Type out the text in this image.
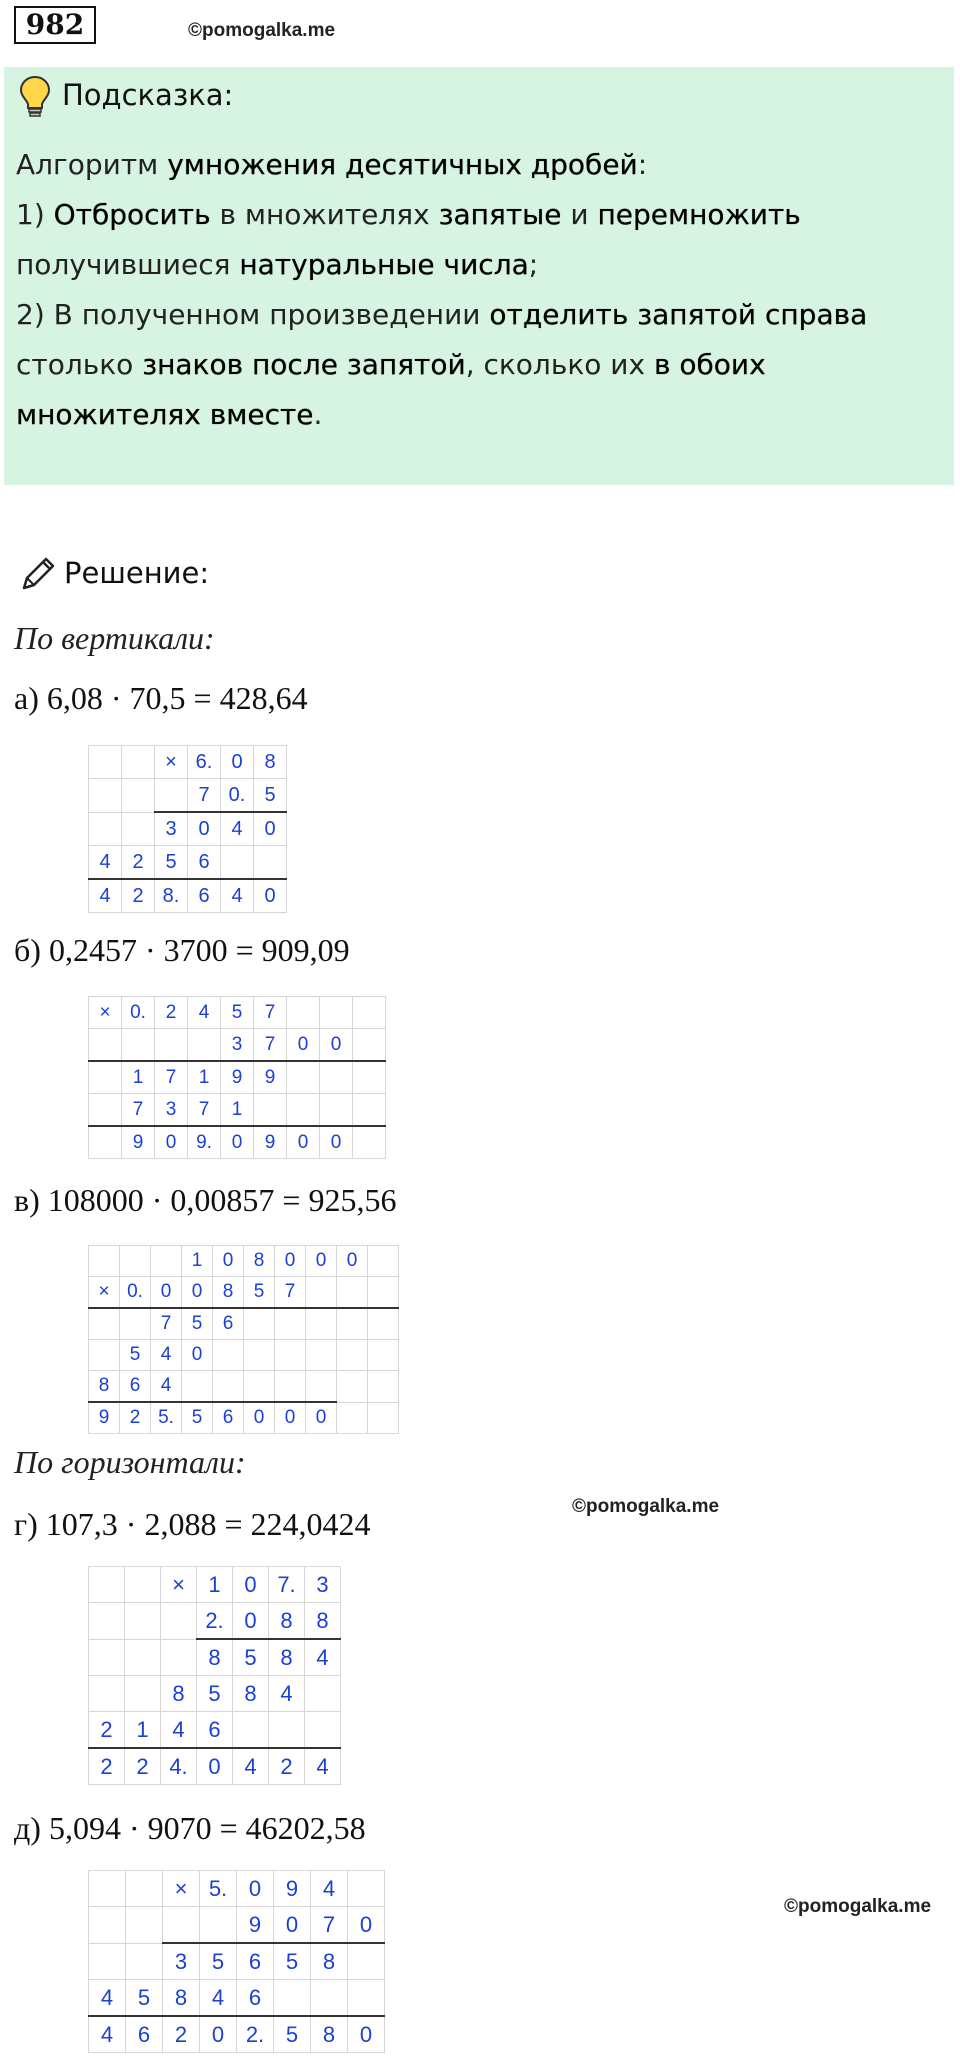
982	©pomogalka.me
Подсказка:
Алгоритм умножения десятичных дробей:
1) Отбросить в множителях запятые и перемножить
получившиеся натуральные числа;
2) В полученном произведении отделить запятой справа
столько знаков после запятой, сколько их в обоих
множителях вместе.
Решение:
По вертикали:
а) 6,08 · 70,5 = 428,64
		×	6.	0	8
			7	0.	5
		3	0	4	0
4	2	5	6		
4	2	8.	6	4	0
б) 0,2457 · 3700 = 909,09
×	0.	2	4	5	7			
				3	7	0	0	
	1	7	1	9	9			
	7	3	7	1				
	9	0	9.	0	9	0	0	
в) 108000 · 0,00857 = 925,56
			1	0	8	0	0	0	
×	0.	0	0	8	5	7			
		7	5	6					
	5	4	0						
8	6	4							
9	2	5.	5	6	0	0	0		
По горизонтали:
©pomogalka.me
г) 107,3 · 2,088 = 224,0424
		×	1	0	7.	3
			2.	0	8	8
			8	5	8	4
		8	5	8	4	
2	1	4	6			
2	2	4.	0	4	2	4
д) 5,094 · 9070 = 46202,58
		×	5.	0	9	4	
				9	0	7	0
		3	5	6	5	8	
4	5	8	4	6			
4	6	2	0	2.	5	8	0
©pomogalka.me
